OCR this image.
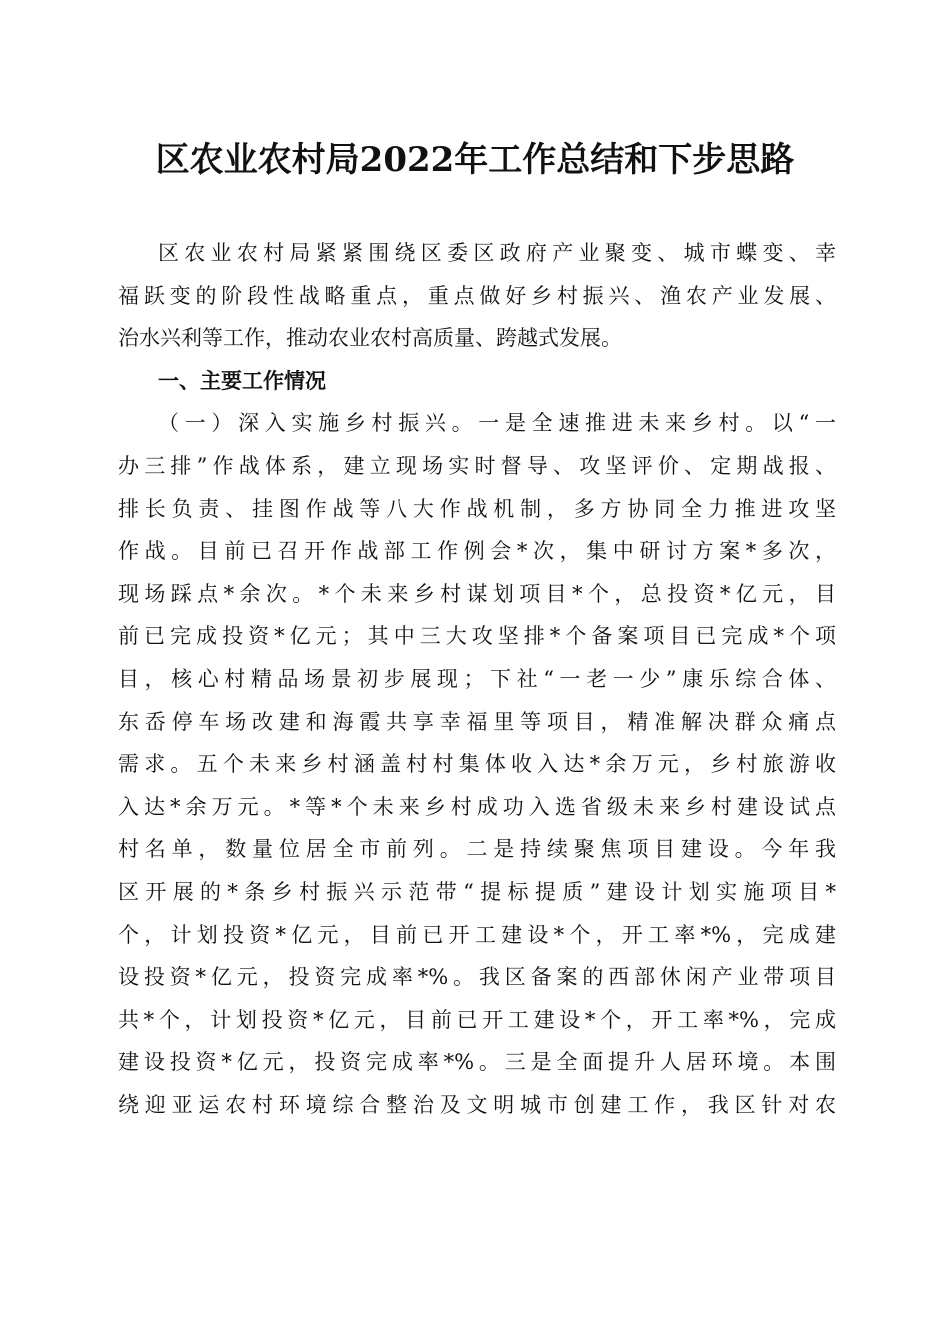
区农业农村局2022年工作总结和下步思路
区农业农村局紧紧围绕区委区政府产业聚变、城市蝶变、幸
福跃变的阶段性战略重点，重点做好乡村振兴、渔农产业发展、
治水兴利等工作，推动农业农村高质量、跨越式发展。
一、主要工作情况
（一）深入实施乡村振兴。一是全速推进未来乡村。以“一
办三排”作战体系，建立现场实时督导、攻坚评价、定期战报、
排长负责、挂图作战等八大作战机制，多方协同全力推进攻坚
作战。目前已召开作战部工作例会*次，集中研讨方案*多次，
现场踩点*余次。*个未来乡村谋划项目*个，总投资*亿元，目
前已完成投资*亿元；其中三大攻坚排*个备案项目已完成*个项
目，核心村精品场景初步展现；下社“一老一少”康乐综合体、
东岙停车场改建和海霞共享幸福里等项目，精准解决群众痛点
需求。五个未来乡村涵盖村村集体收入达*余万元，乡村旅游收
入达*余万元。*等*个未来乡村成功入选省级未来乡村建设试点
村名单，数量位居全市前列。二是持续聚焦项目建设。今年我
区开展的*条乡村振兴示范带“提标提质”建设计划实施项目*
个，计划投资*亿元，目前已开工建设*个，开工率*%，完成建
设投资*亿元，投资完成率*%。我区备案的西部休闲产业带项目
共*个，计划投资*亿元，目前已开工建设*个，开工率*%，完成
建设投资*亿元，投资完成率*%。三是全面提升人居环境。本围
绕迎亚运农村环境综合整治及文明城市创建工作，我区针对农
